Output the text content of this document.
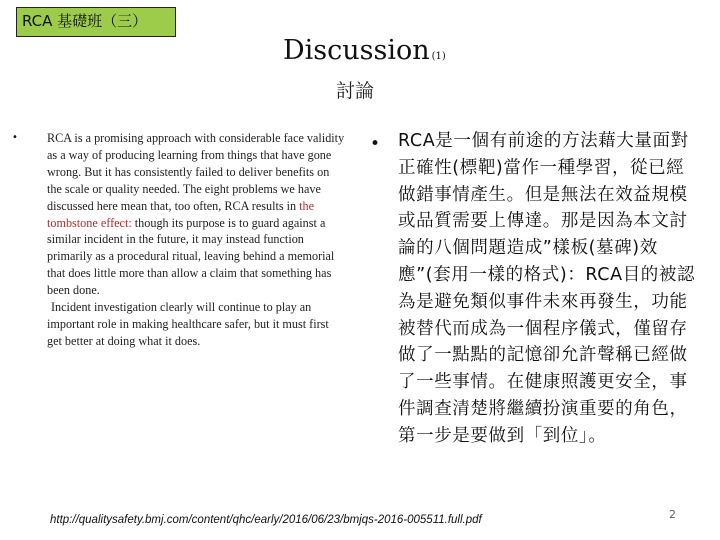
RCA 基礎班（三）
Discussion (1)
討論
• RCA is a promising approach with considerable face validity as a way of producing learning from things that have gone wrong. But it has consistently failed to deliver benefits on the scale or quality needed. The eight problems we have discussed here mean that, too often, RCA results in the tombstone effect: though its purpose is to guard against a similar incident in the future, it may instead function primarily as a procedural ritual, leaving behind a memorial that does little more than allow a claim that something has been done.
Incident investigation clearly will continue to play an important role in making healthcare safer, but it must first get better at doing what it does.
• RCA是一個有前途的方法藉大量面對正確性(標靶)當作一種學習，從已經做錯事情產生。但是無法在效益規模或品質需要上傳達。那是因為本文討論的八個問題造成”樣板(墓碑)效應”(套用一樣的格式)：RCA目的被認為是避免類似事件未來再發生，功能被替代而成為一個程序儀式，僅留存做了一點點的記憶卻允許聲稱已經做了一些事情。在健康照護更安全，事件調查清楚將繼續扮演重要的角色，第一步是要做到「到位」。
http://qualitysafety.bmj.com/content/qhc/early/2016/06/23/bmjqs-2016-005511.full.pdf	2
